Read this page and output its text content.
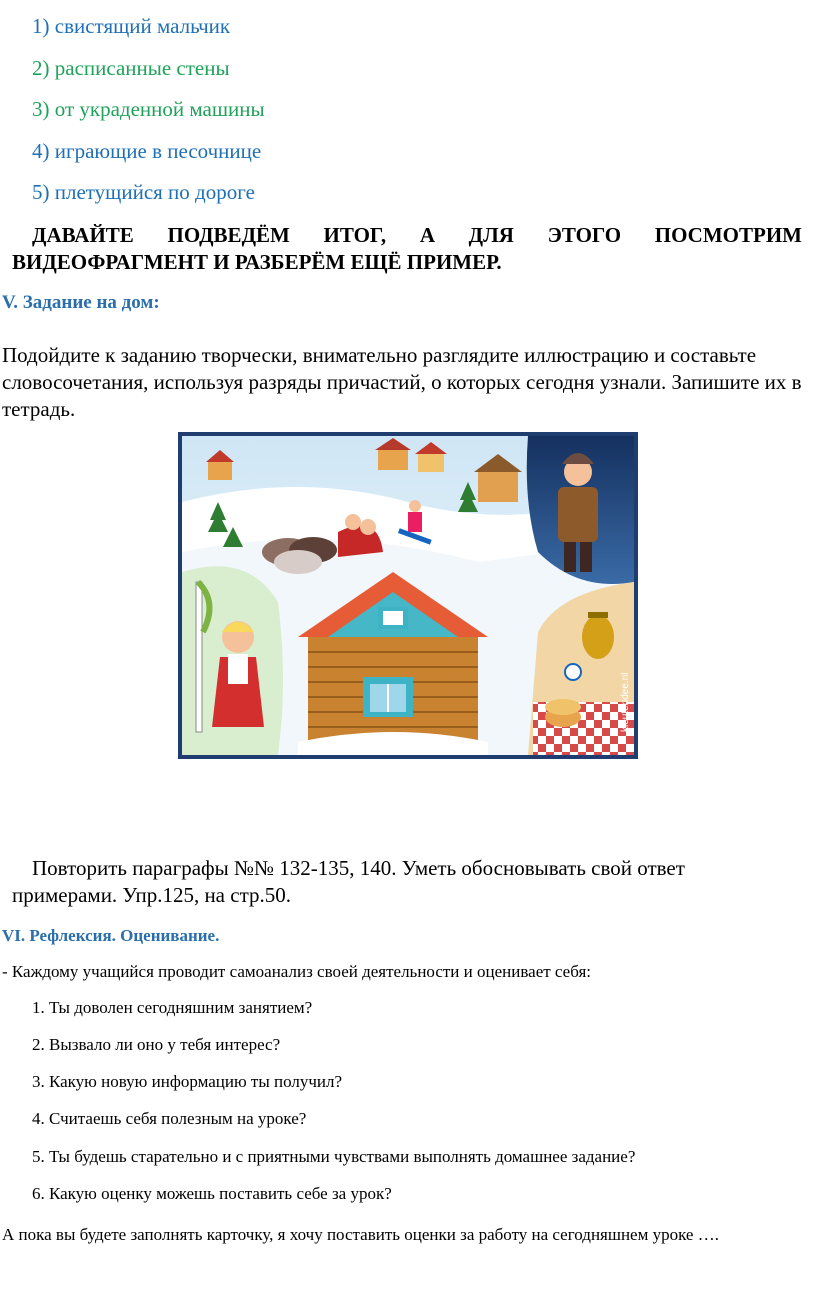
1) свистящий мальчик
2) расписанные стены
3) от украденной машины
4) играющие в песочнице
5) плетущийся по дороге
ДАВАЙТЕ ПОДВЕДЁМ ИТОГ, А ДЛЯ ЭТОГО ПОСМОТРИМ
ВИДЕОФРАГМЕНТ И РАЗБЕРЁМ ЕЩЁ ПРИМЕР.
V. Задание на дом:
Подойдите к заданию творчески, внимательно разглядите иллюстрацию и составьте словосочетания, используя разряды причастий, о которых сегодня узнали. Запишите их в тетрадь.
kleuteridee.nl
Повторить параграфы №№ 132-135, 140. Уметь обосновывать свой ответ
примерами. Упр.125, на стр.50.
VI. Рефлексия. Оценивание.
- Каждому учащийся проводит самоанализ своей деятельности и оценивает себя:
1. Ты доволен сегодняшним занятием?
2. Вызвало ли оно у тебя интерес?
3. Какую новую информацию ты получил?
4. Считаешь себя полезным на уроке?
5. Ты будешь старательно и с приятными чувствами выполнять домашнее задание?
6. Какую оценку можешь поставить себе за урок?
А пока вы будете заполнять карточку, я хочу поставить оценки за работу на сегодняшнем уроке ….
